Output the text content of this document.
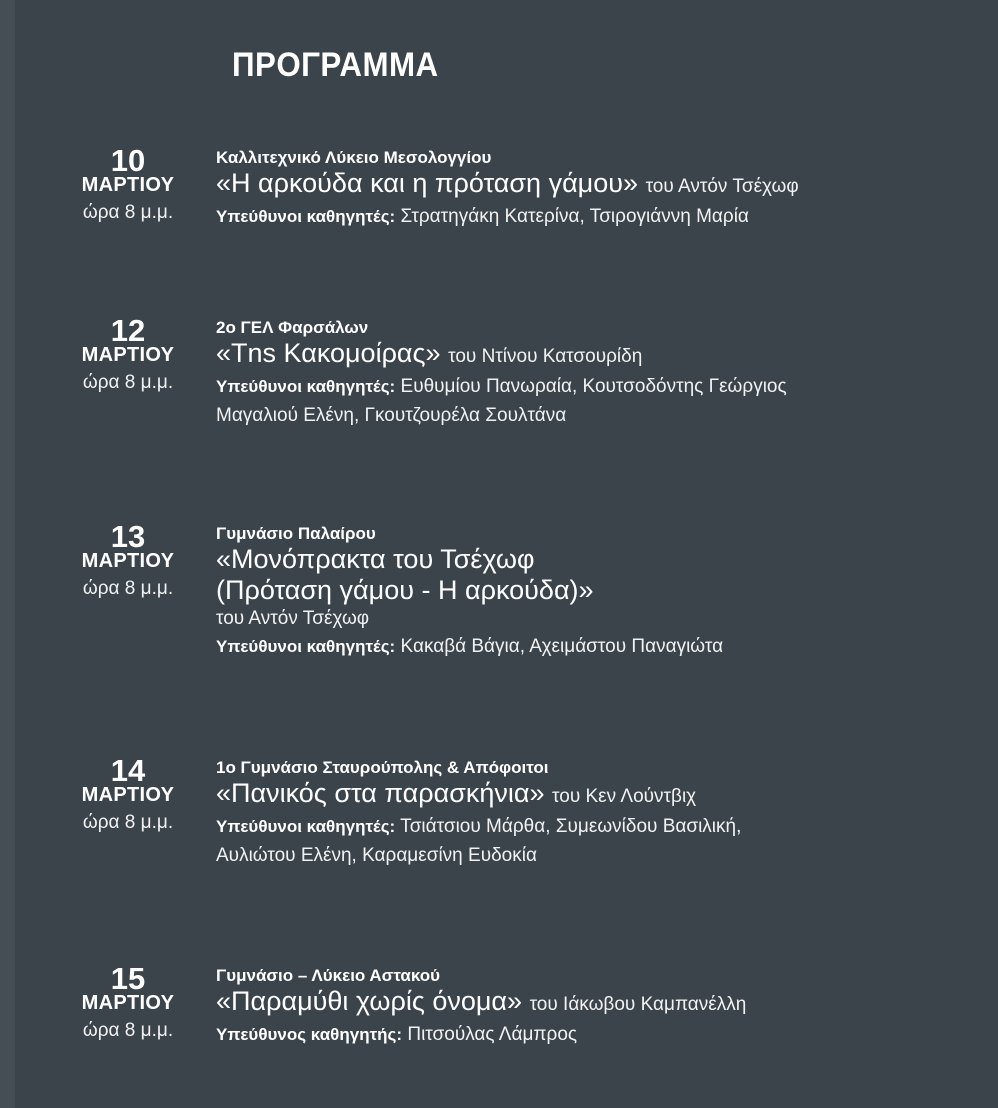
ΠΡΟΓΡΑΜΜΑ
10
ΜΑΡΤΙΟΥ
ώρα 8 μ.μ.
Καλλιτεχνικό Λύκειο Μεσολογγίου
«Η αρκούδα και η πρόταση γάμου» του Αντόν Τσέχωφ
Υπεύθυνοι καθηγητές: Στρατηγάκη Κατερίνα, Τσιρογιάννη Μαρία
12
ΜΑΡΤΙΟΥ
ώρα 8 μ.μ.
2ο ΓΕΛ Φαρσάλων
«Tns Κακομοίρας» του Ντίνου Κατσουρίδη
Υπεύθυνοι καθηγητές: Ευθυμίου Πανωραία, Κουτσοδόντης Γεώργιος
Μαγαλιού Ελένη, Γκουτζουρέλα Σουλτάνα
13
ΜΑΡΤΙΟΥ
ώρα 8 μ.μ.
Γυμνάσιο Παλαίρου
«Μονόπρακτα του Τσέχωφ
(Πρόταση γάμου - Η αρκούδα)»
του Αντόν Τσέχωφ
Υπεύθυνοι καθηγητές: Κακαβά Βάγια, Αχειμάστου Παναγιώτα
14
ΜΑΡΤΙΟΥ
ώρα 8 μ.μ.
1ο Γυμνάσιο Σταυρούπολης & Απόφοιτοι
«Πανικός στα παρασκήνια» του Κεν Λούντβιχ
Υπεύθυνοι καθηγητές: Τσιάτσιου Μάρθα, Συμεωνίδου Βασιλική,
Αυλιώτου Ελένη, Καραμεσίνη Ευδοκία
15
ΜΑΡΤΙΟΥ
ώρα 8 μ.μ.
Γυμνάσιο – Λύκειο Αστακού
«Παραμύθι χωρίς όνομα» του Ιάκωβου Καμπανέλλη
Υπεύθυνος καθηγητής: Πιτσούλας Λάμπρος
